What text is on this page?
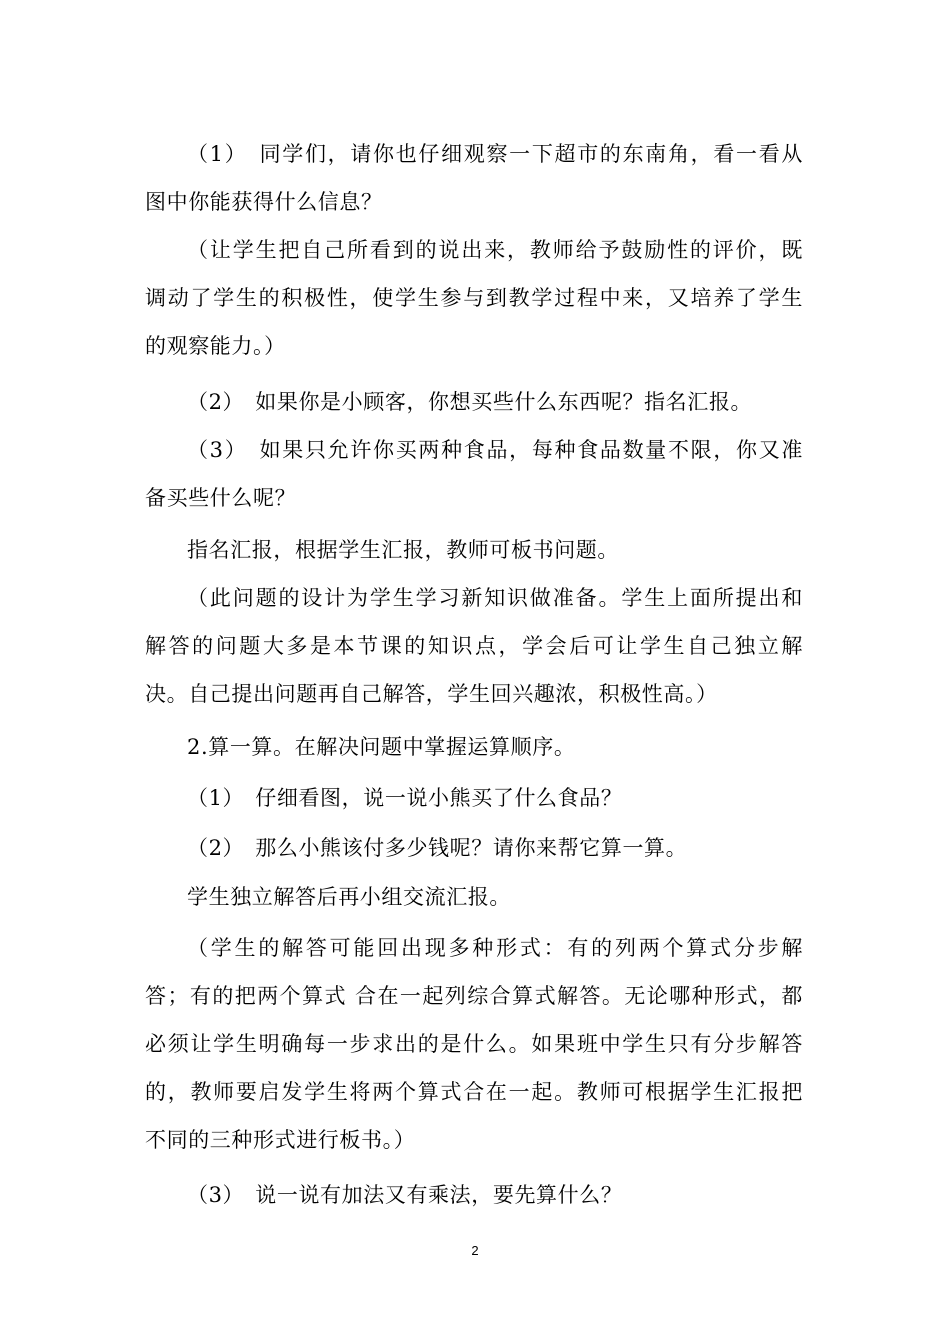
（1）　同学们，请你也仔细观察一下超市的东南角，看一看从
图中你能获得什么信息？
（让学生把自己所看到的说出来，教师给予鼓励性的评价，既
调动了学生的积极性，使学生参与到教学过程中来，又培养了学生
的观察能力。）
（2）　如果你是小顾客，你想买些什么东西呢？指名汇报。
（3）　如果只允许你买两种食品，每种食品数量不限，你又准
备买些什么呢？
指名汇报，根据学生汇报，教师可板书问题。
（此问题的设计为学生学习新知识做准备。学生上面所提出和
解答的问题大多是本节课的知识点，学会后可让学生自己独立解
决。自己提出问题再自己解答，学生回兴趣浓，积极性高。）
2.算一算。在解决问题中掌握运算顺序。
（1）　仔细看图，说一说小熊买了什么食品？
（2）　那么小熊该付多少钱呢？请你来帮它算一算。
学生独立解答后再小组交流汇报。
（学生的解答可能回出现多种形式：有的列两个算式分步解
答；有的把两个算式 合在一起列综合算式解答。无论哪种形式，都
必须让学生明确每一步求出的是什么。如果班中学生只有分步解答
的，教师要启发学生将两个算式合在一起。教师可根据学生汇报把
不同的三种形式进行板书。）
（3）　说一说有加法又有乘法，要先算什么？
2
